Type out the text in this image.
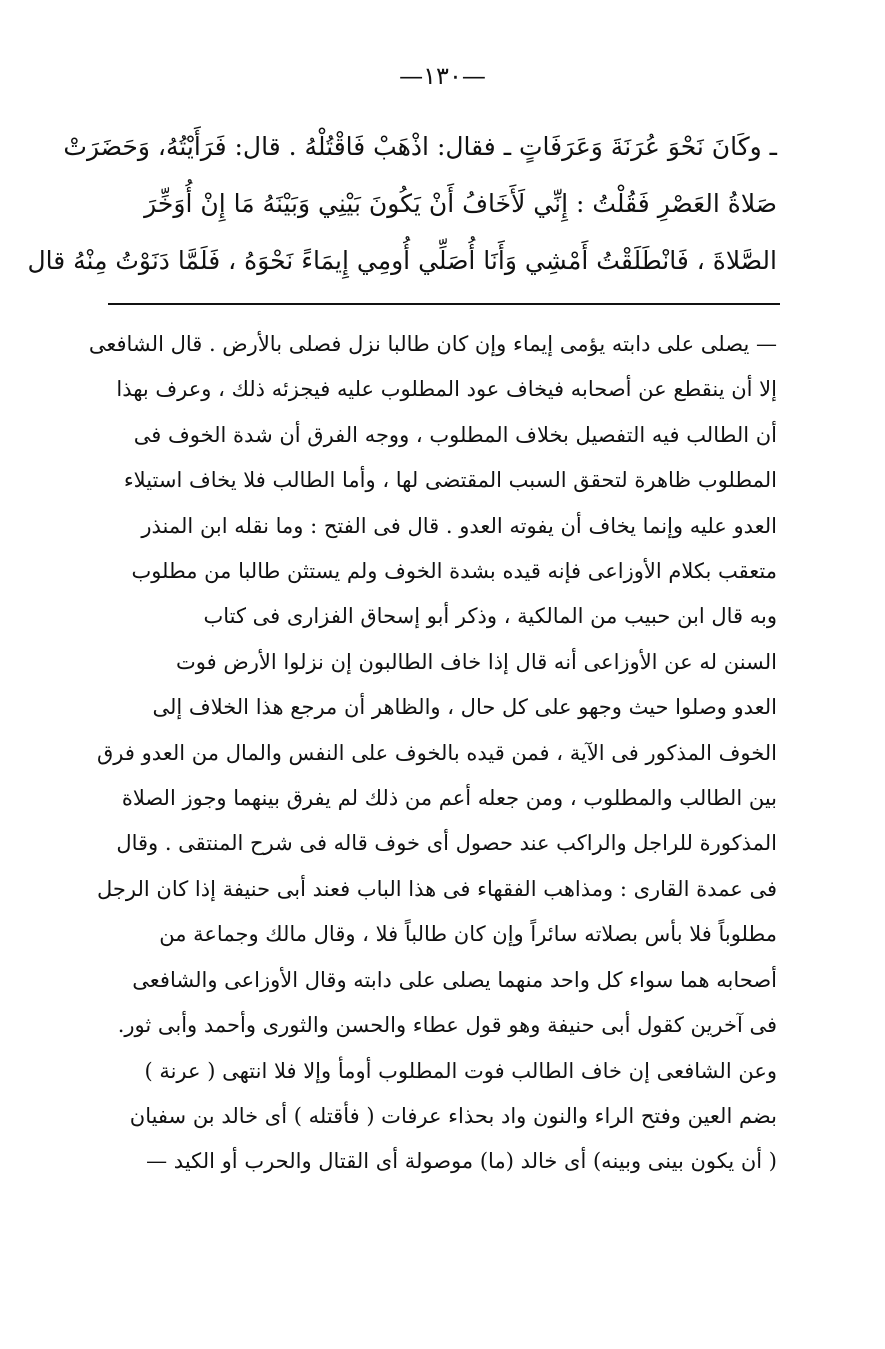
—١٣٠—
ـ وكَانَ نَحْوَ عُرَنَةَ وَعَرَفَاتٍ ـ فقال: اذْهَبْ فَاقْتُلْهُ . قال: فَرَأَيْتُهُ، وَحَضَرَتْ
صَلاةُ العَصْرِ فَقُلْتُ : إِنِّي لَأَخَافُ أَنْ يَكُونَ بَيْنِي وَبَيْنَهُ مَا إِنْ أُوَخِّرَ
الصَّلاةَ ، فَانْطَلَقْتُ أَمْشِي وَأَنَا أُصَلِّي أُومِي إِيمَاءً نَحْوَهُ ، فَلَمَّا دَنَوْتُ مِنْهُ قال
— يصلى على دابته يؤمى إيماء وإن كان طالبا نزل فصلى بالأرض . قال الشافعى
إلا أن ينقطع عن أصحابه فيخاف عود المطلوب عليه فيجزئه ذلك ، وعرف بهذا
أن الطالب فيه التفصيل بخلاف المطلوب ، ووجه الفرق أن شدة الخوف فى
المطلوب ظاهرة لتحقق السبب المقتضى لها ، وأما الطالب فلا يخاف استيلاء
العدو عليه وإنما يخاف أن يفوته العدو . قال فى الفتح : وما نقله ابن المنذر
متعقب بكلام الأوزاعى فإنه قيده بشدة الخوف ولم يستثن طالبا من مطلوب
وبه قال ابن حبيب من المالكية ، وذكر أبو إسحاق الفزارى فى كتاب
السنن له عن الأوزاعى أنه قال إذا خاف الطالبون إن نزلوا الأرض فوت
العدو وصلوا حيث وجهو على كل حال ، والظاهر أن مرجع هذا الخلاف إلى
الخوف المذكور فى الآية ، فمن قيده بالخوف على النفس والمال من العدو فرق
بين الطالب والمطلوب ، ومن جعله أعم من ذلك لم يفرق بينهما وجوز الصلاة
المذكورة للراجل والراكب عند حصول أى خوف قاله فى شرح المنتقى . وقال
فى عمدة القارى : ومذاهب الفقهاء فى هذا الباب فعند أبى حنيفة إذا كان الرجل
مطلوباً فلا بأس بصلاته سائراً وإن كان طالباً فلا ، وقال مالك وجماعة من
أصحابه هما سواء كل واحد منهما يصلى على دابته وقال الأوزاعى والشافعى
فى آخرين كقول أبى حنيفة وهو قول عطاء والحسن والثورى وأحمد وأبى ثور.
وعن الشافعى إن خاف الطالب فوت المطلوب أومأ وإلا فلا انتهى ( عرنة )
بضم العين وفتح الراء والنون واد بحذاء عرفات ( فأقتله ) أى خالد بن سفيان
( أن يكون بينى وبينه) أى خالد (ما) موصولة أى القتال والحرب أو الكيد —
